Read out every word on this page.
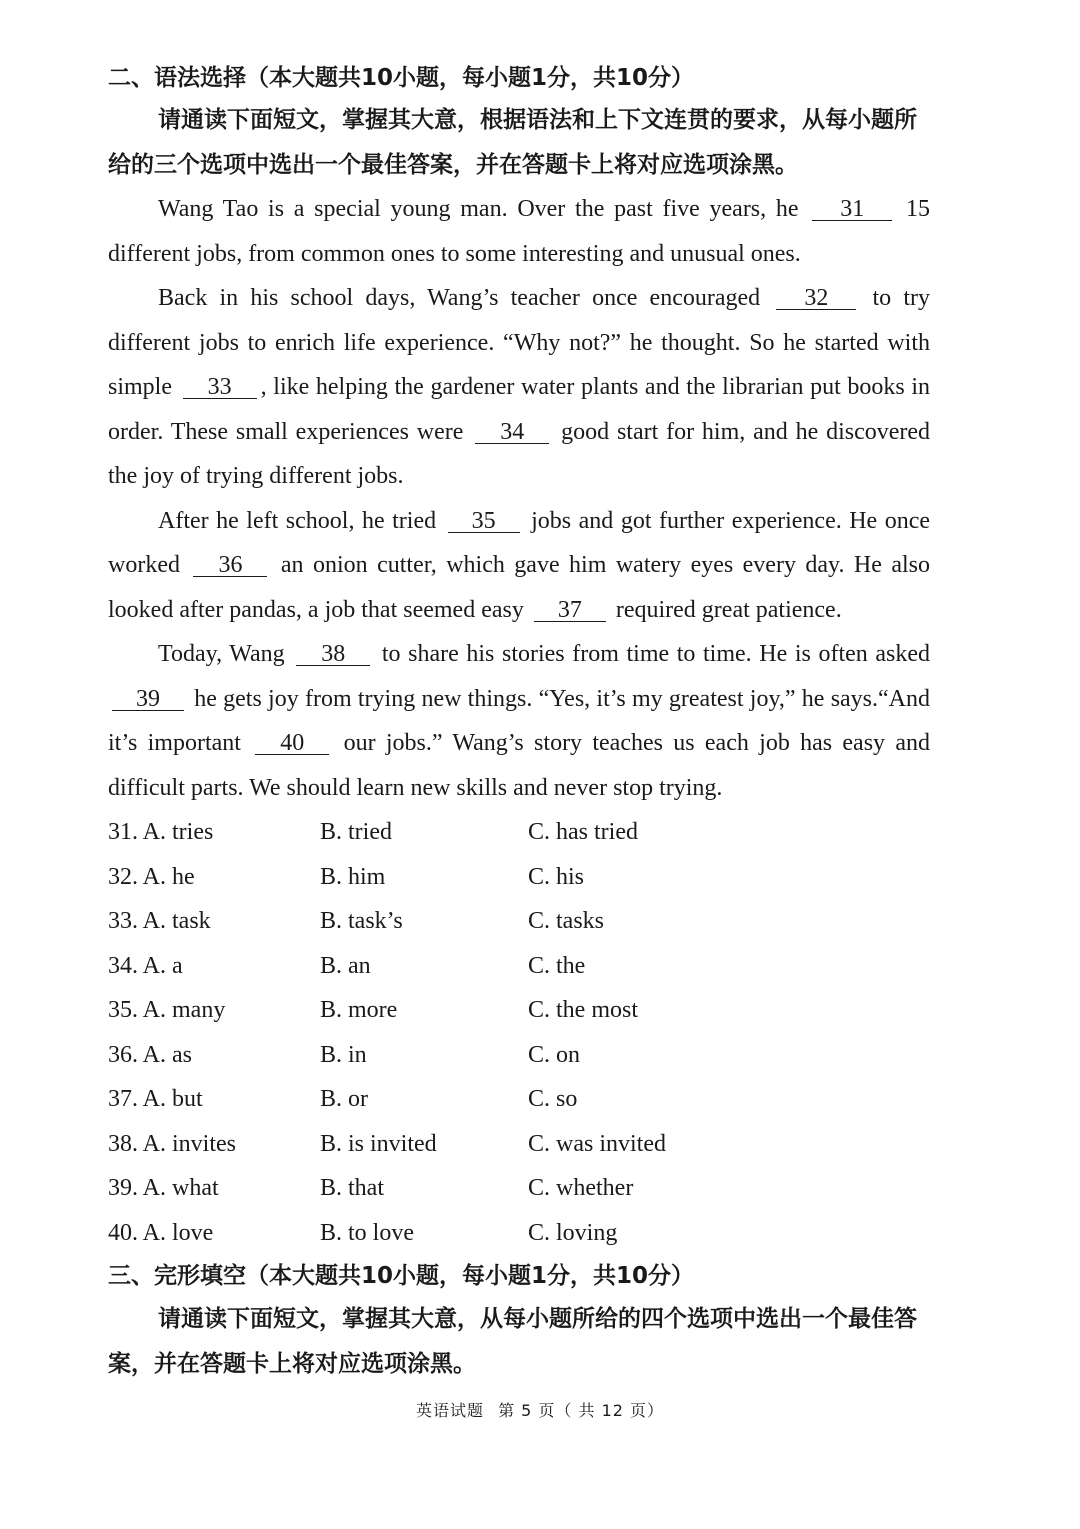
二、语法选择（本大题共10小题，每小题1分，共10分）
请通读下面短文，掌握其大意，根据语法和上下文连贯的要求，从每小题所给的三个选项中选出一个最佳答案，并在答题卡上将对应选项涂黑。

Wang Tao is a special young man. Over the past five years, he 31 15 different jobs, from common ones to some interesting and unusual ones.

Back in his school days, Wang’s teacher once encouraged 32 to try different jobs to enrich life experience. “Why not?” he thought. So he started with simple 33 , like helping the gardener water plants and the librarian put books in order. These small experiences were 34 good start for him, and he discovered the joy of trying different jobs.

After he left school, he tried 35 jobs and got further experience. He once worked 36 an onion cutter, which gave him watery eyes every day. He also looked after pandas, a job that seemed easy 37 required great patience.

Today, Wang 38 to share his stories from time to time. He is often asked 39 he gets joy from trying new things. “Yes, it’s my greatest joy,” he says.“And it’s important 40 our jobs.” Wang’s story teaches us each job has easy and difficult parts. We should learn new skills and never stop trying.

31. A. tries	B. tried	C. has tried
32. A. he	B. him	C. his
33. A. task	B. task’s	C. tasks
34. A. a	B. an	C. the
35. A. many	B. more	C. the most
36. A. as	B. in	C. on
37. A. but	B. or	C. so
38. A. invites	B. is invited	C. was invited
39. A. what	B. that	C. whether
40. A. love	B. to love	C. loving
三、完形填空（本大题共10小题，每小题1分，共10分）
请通读下面短文，掌握其大意，从每小题所给的四个选项中选出一个最佳答案，并在答题卡上将对应选项涂黑。
英语试题 第 5 页（ 共 12 页）
